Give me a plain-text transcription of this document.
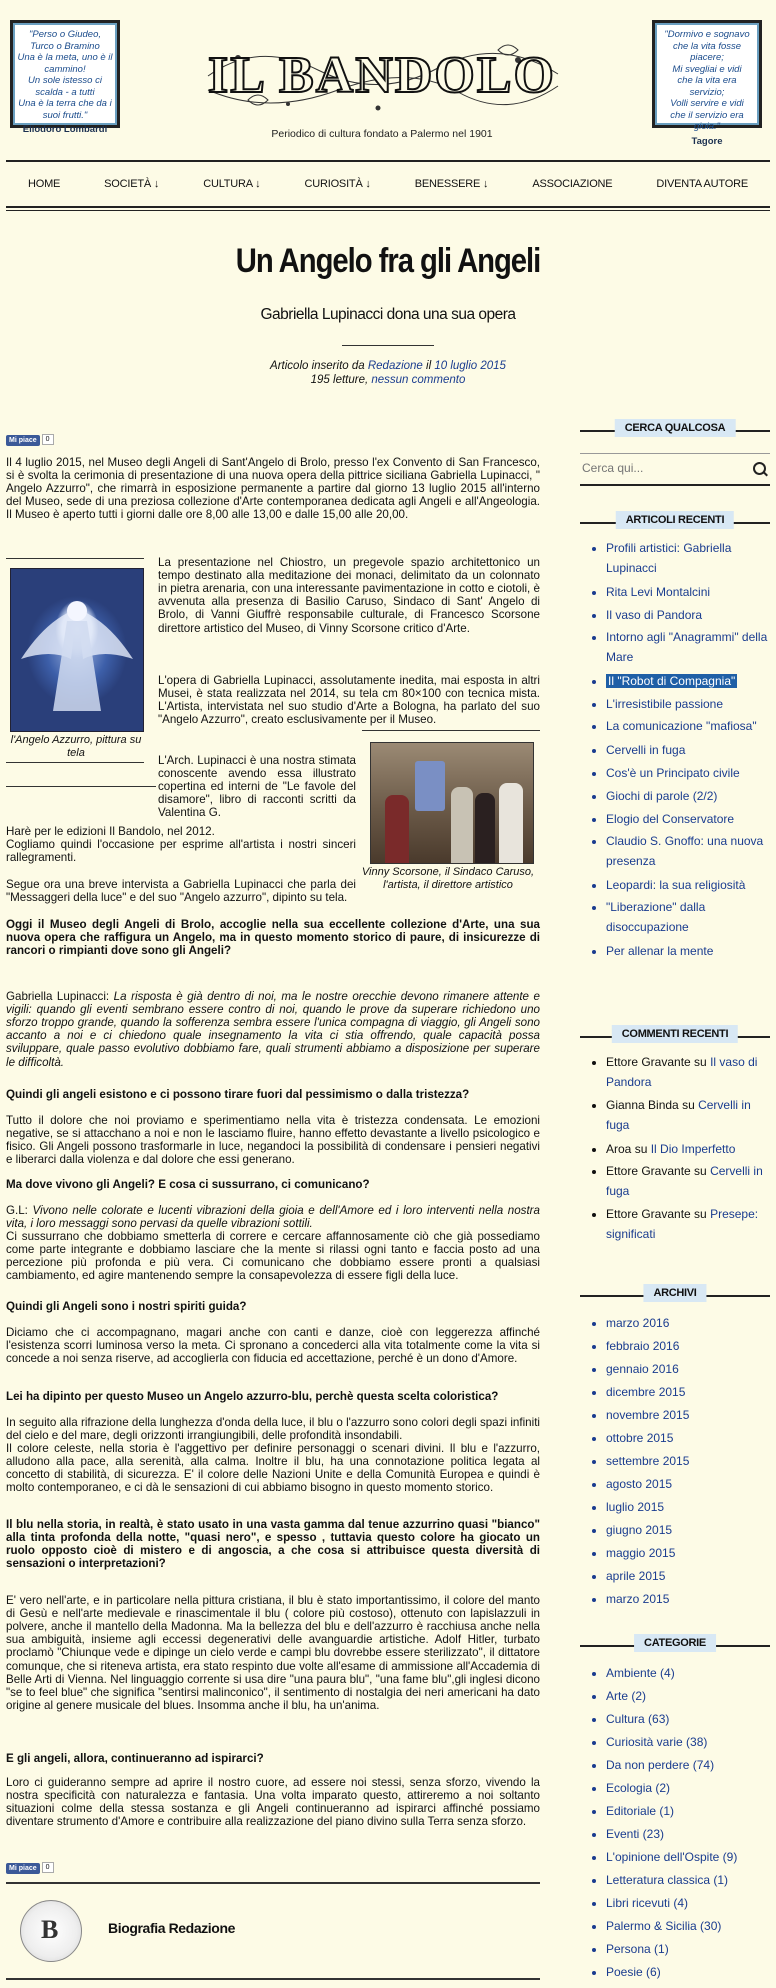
"Perso o Giudeo,
Turco o Bramino
Una è la meta, uno è il cammino!
Un sole istesso ci scalda - a tutti
Una è la terra che da i suoi frutti."
Eliodoro Lombardi
IL BANDOLO
"Dormivo e sognavo
che la vita fosse piacere;
Mi svegliai e vidi
che la vita era servizio;
Volli servire e vidi
che il servizio era gioia."
Tagore
Periodico di cultura fondato a Palermo nel 1901
HOME	SOCIETÀ ↓	CULTURA ↓	CURIOSITÀ ↓	BENESSERE ↓	ASSOCIAZIONE	DIVENTA AUTORE
Un Angelo fra gli Angeli
Gabriella Lupinacci dona una sua opera
Articolo inserito da Redazione il 10 luglio 2015
195 letture, nessun commento
Mi piace 0

Il 4 luglio 2015, nel Museo degli Angeli di Sant'Angelo di Brolo, presso l'ex Convento di San Francesco, si è svolta la cerimonia di presentazione di una nuova opera della pittrice siciliana Gabriella Lupinacci, " Angelo Azzurro", che rimarrà in esposizione permanente a partire dal giorno 13 luglio 2015 all'interno del Museo, sede di una preziosa collezione d'Arte contemporanea dedicata agli Angeli e all'Angeologia. Il Museo è aperto tutti i giorni dalle ore 8,00 alle 13,00 e dalle 15,00 alle 20,00.

l'Angelo Azzurro, pittura su tela

La presentazione nel Chiostro, un pregevole spazio architettonico un tempo destinato alla meditazione dei monaci, delimitato da un colonnato in pietra arenaria, con una interessante pavimentazione in cotto e ciotoli, è avvenuta alla presenza di Basilio Caruso, Sindaco di Sant' Angelo di Brolo, di Vanni Giuffrè responsabile culturale, di Francesco Scorsone direttore artistico del Museo, di Vinny Scorsone critico d'Arte.

L'opera di Gabriella Lupinacci, assolutamente inedita, mai esposta in altri Musei, è stata realizzata nel 2014, su tela cm 80×100 con tecnica mista. L'Artista, intervistata nel suo studio d'Arte a Bologna, ha parlato del suo "Angelo Azzurro", creato esclusivamente per il Museo.

Vinny Scorsone, il Sindaco Caruso, l'artista, il direttore artistico

L'Arch. Lupinacci è una nostra stimata conoscente avendo essa illustrato copertina ed interni de "Le favole del disamore", libro di racconti scritti da Valentina G.

Harè per le edizioni Il Bandolo, nel 2012.

Cogliamo quindi l'occasione per esprime all'artista i nostri sinceri rallegramenti.

Segue ora una breve intervista a Gabriella Lupinacci che parla dei "Messaggeri della luce" e del suo "Angelo azzurro", dipinto su tela.

Oggi il Museo degli Angeli di Brolo, accoglie nella sua eccellente collezione d'Arte, una sua nuova opera che raffigura un Angelo, ma in questo momento storico di paure, di insicurezze di rancori o rimpianti dove sono gli Angeli?

Gabriella Lupinacci: La risposta è già dentro di noi, ma le nostre orecchie devono rimanere attente e vigili: quando gli eventi sembrano essere contro di noi, quando le prove da superare richiedono uno sforzo troppo grande, quando la sofferenza sembra essere l'unica compagna di viaggio, gli Angeli sono accanto a noi e ci chiedono quale insegnamento la vita ci stia offrendo, quale capacità possa sviluppare, quale passo evolutivo dobbiamo fare, quali strumenti abbiamo a disposizione per superare le difficoltà.

Quindi gli angeli esistono e ci possono tirare fuori dal pessimismo o dalla tristezza?

Tutto il dolore che noi proviamo e sperimentiamo nella vita è tristezza condensata. Le emozioni negative, se si attacchano a noi e non le lasciamo fluire, hanno effetto devastante a livello psicologico e fisico. Gli Angeli possono trasformarle in luce, negandoci la possibilità di condensare i pensieri negativi e liberarci dalla violenza e dal dolore che essi generano.

Ma dove vivono gli Angeli? E cosa ci sussurrano, ci comunicano?

G.L: Vivono nelle colorate e lucenti vibrazioni della gioia e dell'Amore ed i loro interventi nella nostra vita, i loro messaggi sono pervasi da quelle vibrazioni sottili.

Ci sussurrano che dobbiamo smetterla di correre e cercare affannosamente ciò che già possediamo come parte integrante e dobbiamo lasciare che la mente si rilassi ogni tanto e faccia posto ad una percezione più profonda e più vera. Ci comunicano che dobbiamo essere pronti a qualsiasi cambiamento, ed agire mantenendo sempre la consapevolezza di essere figli della luce.

Quindi gli Angeli sono i nostri spiriti guida?

Diciamo che ci accompagnano, magari anche con canti e danze, cioè con leggerezza affinché l'esistenza scorri luminosa verso la meta. Ci spronano a concederci alla vita totalmente come la vita si concede a noi senza riserve, ad accoglierla con fiducia ed accettazione, perché è un dono d'Amore.

Lei ha dipinto per questo Museo un Angelo azzurro-blu, perchè questa scelta coloristica?

In seguito alla rifrazione della lunghezza d'onda della luce, il blu o l'azzurro sono colori degli spazi infiniti del cielo e del mare, degli orizzonti irrangiungibili, delle profondità insondabili.

Il colore celeste, nella storia è l'aggettivo per definire personaggi o scenari divini. Il blu e l'azzurro, alludono alla pace, alla serenità, alla calma. Inoltre il blu, ha una connotazione politica legata al concetto di stabilità, di sicurezza. E' il colore delle Nazioni Unite e della Comunità Europea e quindi è molto contemporaneo, e ci dà le sensazioni di cui abbiamo bisogno in questo momento storico.

Il blu nella storia, in realtà, è stato usato in una vasta gamma dal tenue azzurrino quasi "bianco" alla tinta profonda della notte, "quasi nero", e spesso , tuttavia questo colore ha giocato un ruolo opposto cioè di mistero e di angoscia, a che cosa si attribuisce questa diversità di sensazioni o interpretazioni?

E' vero nell'arte, e in particolare nella pittura cristiana, il blu è stato importantissimo, il colore del manto di Gesù e nell'arte medievale e rinascimentale il blu ( colore più costoso), ottenuto con lapislazzuli in polvere, anche il mantello della Madonna. Ma la bellezza del blu e dell'azzurro è racchiusa anche nella sua ambiguità, insieme agli eccessi degenerativi delle avanguardie artistiche. Adolf Hitler, turbato proclamò "Chiunque vede e dipinge un cielo verde e campi blu dovrebbe essere sterilizzato", il dittatore comunque, che si riteneva artista, era stato respinto due volte all'esame di ammissione all'Accademia di Belle Arti di Vienna. Nel linguaggio corrente si usa dire "una paura blu", "una fame blu",gli inglesi dicono "se to feel blue" che significa "sentirsi malinconico", il sentimento di nostalgia dei neri americani ha dato origine al genere musicale del blues. Insomma anche il blu, ha un'anima.

E gli angeli, allora, continueranno ad ispirarci?

Loro ci guideranno sempre ad aprire il nostro cuore, ad essere noi stessi, senza sforzo, vivendo la nostra specificità con naturalezza e fantasia. Una volta imparato questo, attireremo a noi soltanto situazioni colme della stessa sostanza e gli Angeli continueranno ad ispirarci affinché possiamo diventare strumento d'Amore e contribuire alla realizzazione del piano divino sulla Terra senza sforzo.

Mi piace 0
B
Biografia Redazione
CERCA QUALCOSA
Cerca qui...
ARTICOLI RECENTI
• Profili artistici: Gabriella Lupinacci
• Rita Levi Montalcini
• Il vaso di Pandora
• Intorno agli "Anagrammi" della Mare
• Il "Robot di Compagnia"
• L'irresistibile passione
• La comunicazione "mafiosa"
• Cervelli in fuga
• Cos'è un Principato civile
• Giochi di parole (2/2)
• Elogio del Conservatore
• Claudio S. Gnoffo: una nuova presenza
• Leopardi: la sua religiosità
• "Liberazione" dalla disoccupazione
• Per allenar la mente
COMMENTI RECENTI
• Ettore Gravante su Il vaso di Pandora
• Gianna Binda su Cervelli in fuga
• Aroa su Il Dio Imperfetto
• Ettore Gravante su Cervelli in fuga
• Ettore Gravante su Presepe: significati
ARCHIVI
• marzo 2016
• febbraio 2016
• gennaio 2016
• dicembre 2015
• novembre 2015
• ottobre 2015
• settembre 2015
• agosto 2015
• luglio 2015
• giugno 2015
• maggio 2015
• aprile 2015
• marzo 2015
CATEGORIE
• Ambiente (4)
• Arte (2)
• Cultura (63)
• Curiosità varie (38)
• Da non perdere (74)
• Ecologia (2)
• Editoriale (1)
• Eventi (23)
• L'opinione dell'Ospite (9)
• Letteratura classica (1)
• Libri ricevuti (4)
• Palermo & Sicilia (30)
• Persona (1)
• Poesie (6)
